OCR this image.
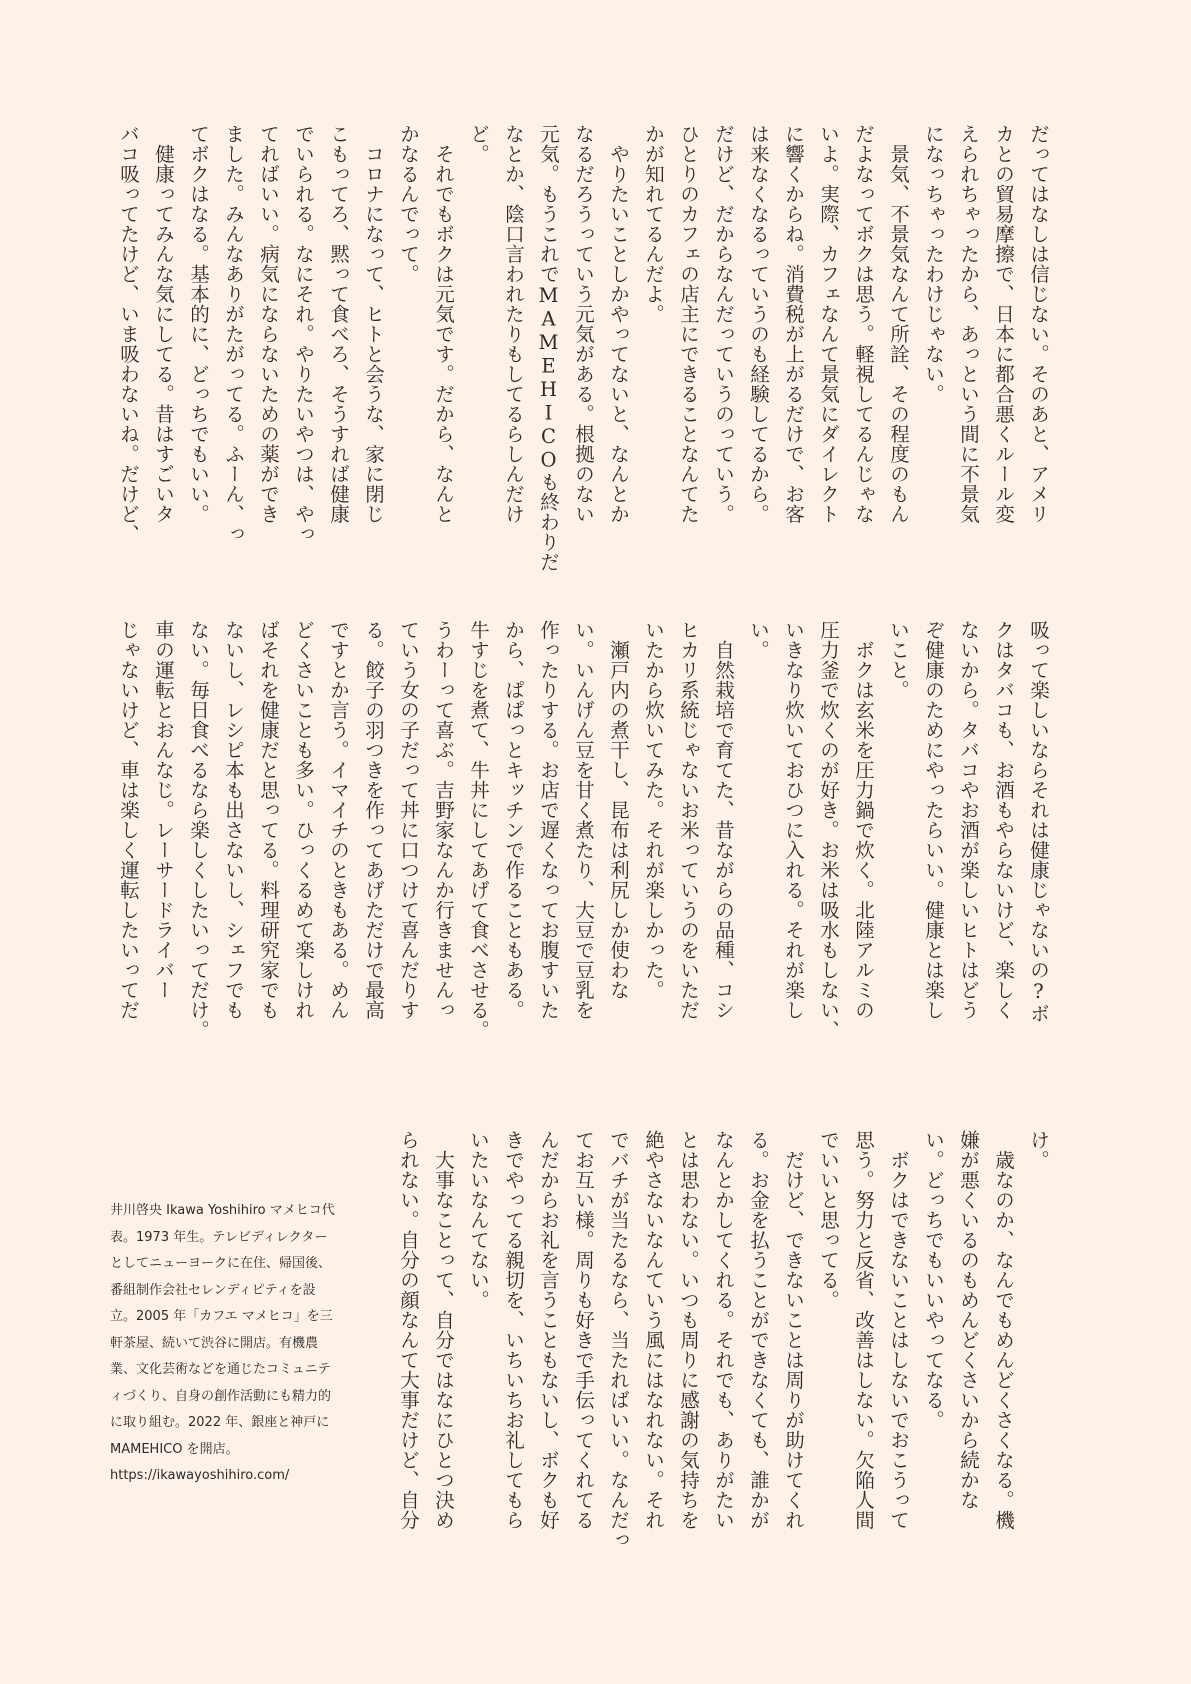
だってはなしは信じない。そのあと、アメリ

カとの貿易摩擦で、日本に都合悪くルール変

えられちゃったから、あっという間に不景気

になっちゃったわけじゃない。

　景気、不景気なんて所詮、その程度のもん

だよなってボクは思う。軽視してるんじゃな

いよ。実際、カフェなんて景気にダイレクト

に響くからね。消費税が上がるだけで、お客

は来なくなるっていうのも経験してるから。

だけど、だからなんだっていうのっていう。

ひとりのカフェの店主にできることなんてた

かが知れてるんだよ。

　やりたいことしかやってないと、なんとか

なるだろうっていう元気がある。根拠のない

元気。もうこれでMAMEHICOも終わりだ

なとか、陰口言われたりもしてるらしんだけ

ど。

　それでもボクは元気です。だから、なんと

かなるんでって。

　コロナになって、ヒトと会うな、家に閉じ

こもってろ、黙って食べろ、そうすれば健康

でいられる。なにそれ。やりたいやつは、やっ

てればいい。病気にならないための薬ができ

ました。みんなありがたがってる。ふーん、っ

てボクはなる。基本的に、どっちでもいい。

　健康ってみんな気にしてる。昔はすごいタ

バコ吸ってたけど、いま吸わないね。だけど、

吸って楽しいならそれは健康じゃないの?ボ

クはタバコも、お酒もやらないけど、楽しく

ないから。タバコやお酒が楽しいヒトはどう

ぞ健康のためにやったらいい。健康とは楽し

いこと。

　ボクは玄米を圧力鍋で炊く。北陸アルミの

圧力釜で炊くのが好き。お米は吸水もしない、

いきなり炊いておひつに入れる。それが楽し

い。

　自然栽培で育てた、昔ながらの品種、コシ

ヒカリ系統じゃないお米っていうのをいただ

いたから炊いてみた。それが楽しかった。

　瀬戸内の煮干し、昆布は利尻しか使わな

い。いんげん豆を甘く煮たり、大豆で豆乳を

作ったりする。お店で遅くなってお腹すいた

から、ぱぱっとキッチンで作ることもある。

牛すじを煮て、牛丼にしてあげて食べさせる。

うわーって喜ぶ。吉野家なんか行きませんっ

ていう女の子だって丼に口つけて喜んだりす

る。餃子の羽つきを作ってあげただけで最高

ですとか言う。イマイチのときもある。めん

どくさいことも多い。ひっくるめて楽しけれ

ばそれを健康だと思ってる。料理研究家でも

ないし、レシピ本も出さないし、シェフでも

ない。毎日食べるなら楽しくしたいってだけ。

車の運転とおんなじ。レーサードライバー

じゃないけど、車は楽しく運転したいってだ

け。

　歳なのか、なんでもめんどくさくなる。機

嫌が悪くいるのもめんどくさいから続かな

い。どっちでもいいやってなる。

　ボクはできないことはしないでおこうって

思う。努力と反省、改善はしない。欠陥人間

でいいと思ってる。

　だけど、できないことは周りが助けてくれ

る。お金を払うことができなくても、誰かが

なんとかしてくれる。それでも、ありがたい

とは思わない。いつも周りに感謝の気持ちを

絶やさないなんていう風にはなれない。それ

でバチが当たるなら、当たればいい。なんだっ

てお互い様。周りも好きで手伝ってくれてる

んだからお礼を言うこともないし、ボクも好

きでやってる親切を、いちいちお礼してもら

いたいなんてない。

　大事なことって、自分ではなにひとつ決め

られない。自分の顔なんて大事だけど、自分

井川啓央 Ikawa Yoshihiro マメヒコ代表。1973 年生。テレビディレクターとしてニューヨークに在住、帰国後、番組制作会社セレンディピティを設立。2005 年「カフエ マメヒコ」を三軒茶屋、続いて渋谷に開店。有機農業、文化芸術などを通じたコミュニティづくり、自身の創作活動にも精力的に取り組む。2022 年、銀座と神戸にMAMEHICO を開店。
https://ikawayoshihiro.com/
